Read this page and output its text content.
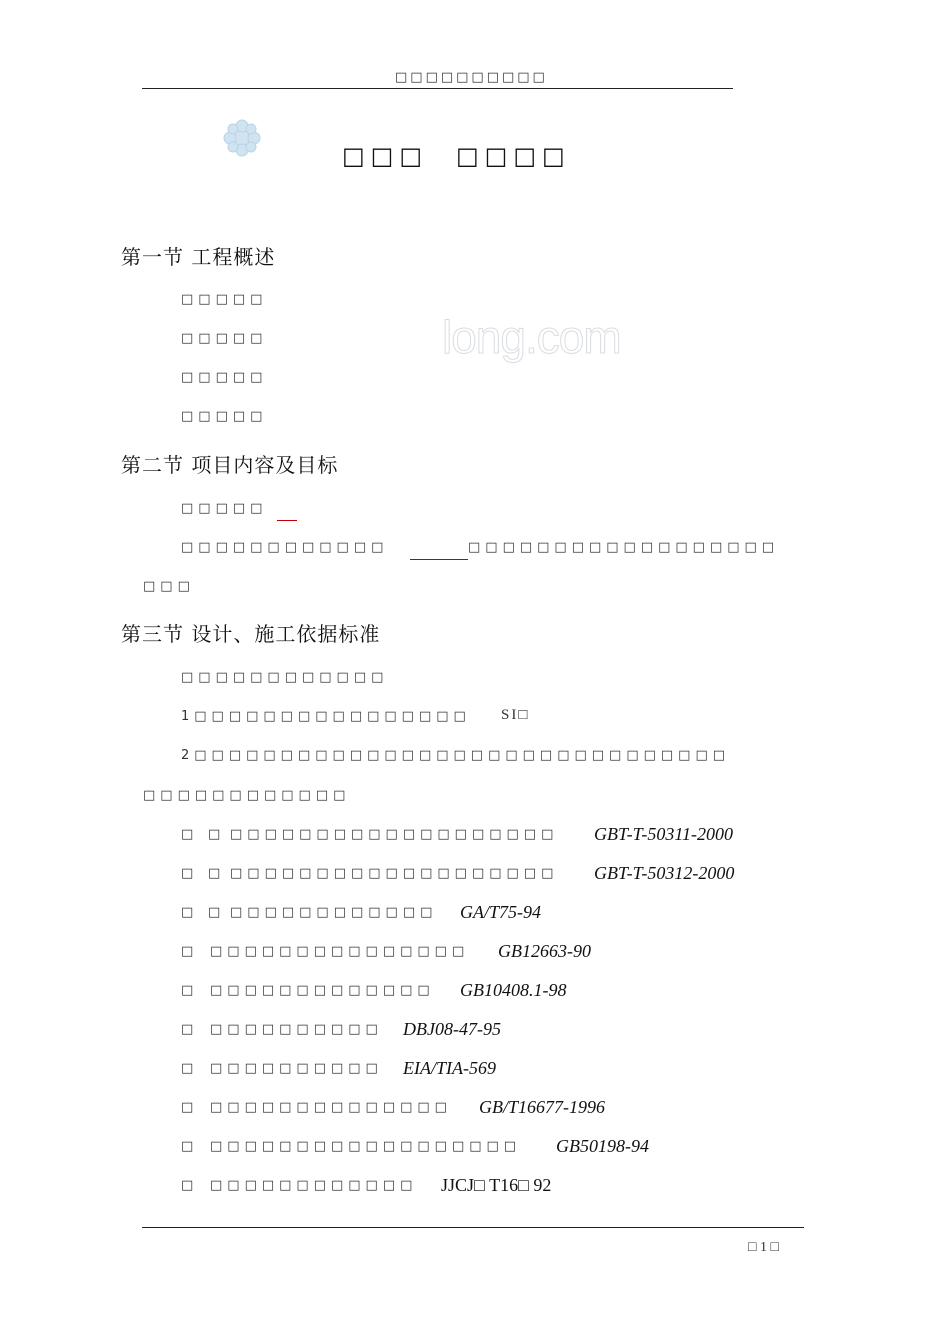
□□□□□□□□□□
long.com
□□□ □□□□
第一节 工程概述
□□□□□
□□□□□
□□□□□
□□□□□
第二节 项目内容及目标
□□□□□
□□□□□□□□□□□□	□□□□□□□□□□□□□□□□□□
□□□
第三节 设计、施工依据标准
□□□□□□□□□□□□
1□□□□□□□□□□□□□□□□ SI□
2□□□□□□□□□□□□□□□□□□□□□□□□□□□□□□□
□□□□□□□□□□□□
□ □ □□□□□□□□□□□□□□□□□□□ GBT-T-50311-2000
□ □ □□□□□□□□□□□□□□□□□□□ GBT-T-50312-2000
□ □ □□□□□□□□□□□□ GA/T75-94
□ □□□□□□□□□□□□□□□ GB12663-90
□ □□□□□□□□□□□□□ GB10408.1-98
□ □□□□□□□□□□ DBJ08-47-95
□ □□□□□□□□□□ EIA/TIA-569
□ □□□□□□□□□□□□□□ GB/T16677-1996
□ □□□□□□□□□□□□□□□□□□ GB50198-94
□ □□□□□□□□□□□□ JJCJ□ T16□ 92
□ 1 □
